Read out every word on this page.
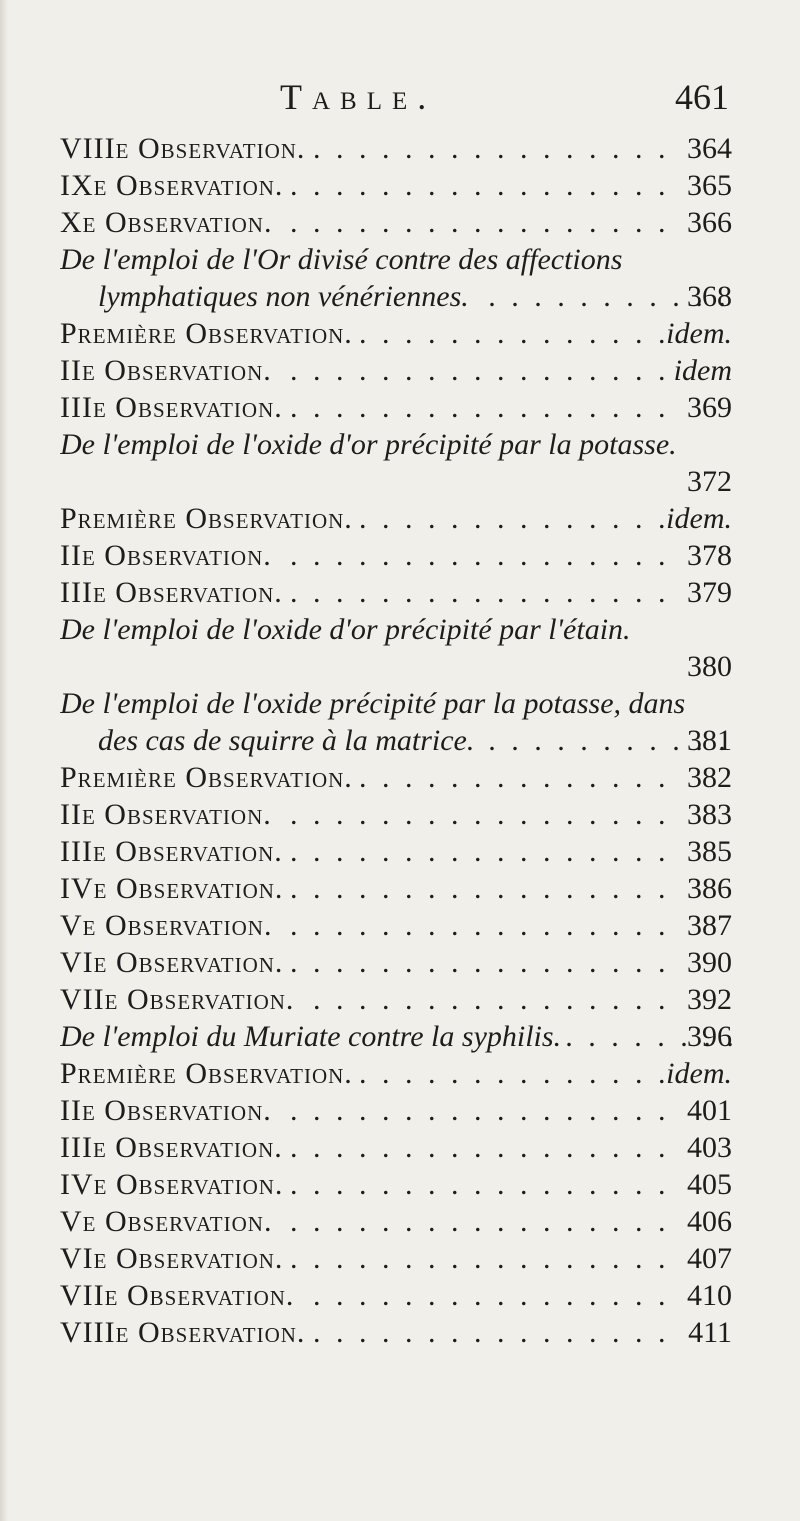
Table.	461
VIIIe Observation. . . .	364
IXe Observation. . . .	365
Xe Observation. . . .	366
De l'emploi de l'Or divisé contre des affections
lymphatiques non vénériennes. . . .	368
Première Observation. . . .	idem.
IIe Observation. . . .	idem
IIIe Observation. . . .	369
De l'emploi de l'oxide d'or précipité par la potasse.
372
Première Observation. . . .	idem.
IIe Observation. . . .	378
IIIe Observation. . . .	379
De l'emploi de l'oxide d'or précipité par l'étain.
380
De l'emploi de l'oxide précipité par la potasse, dans
des cas de squirre à la matrice. . . .	381
Première Observation. . . .	382
IIe Observation. . . .	383
IIIe Observation. . . .	385
IVe Observation. . . .	386
Ve Observation. . . .	387
VIe Observation. . . .	390
VIIe Observation. . . .	392
De l'emploi du Muriate contre la syphilis. . . .	396
Première Observation. . . .	idem.
IIe Observation. . . .	401
IIIe Observation. . . .	403
IVe Observation. . . .	405
Ve Observation. . . .	406
VIe Observation. . . .	407
VIIe Observation. . . .	410
VIIIe Observation. . . .	411
